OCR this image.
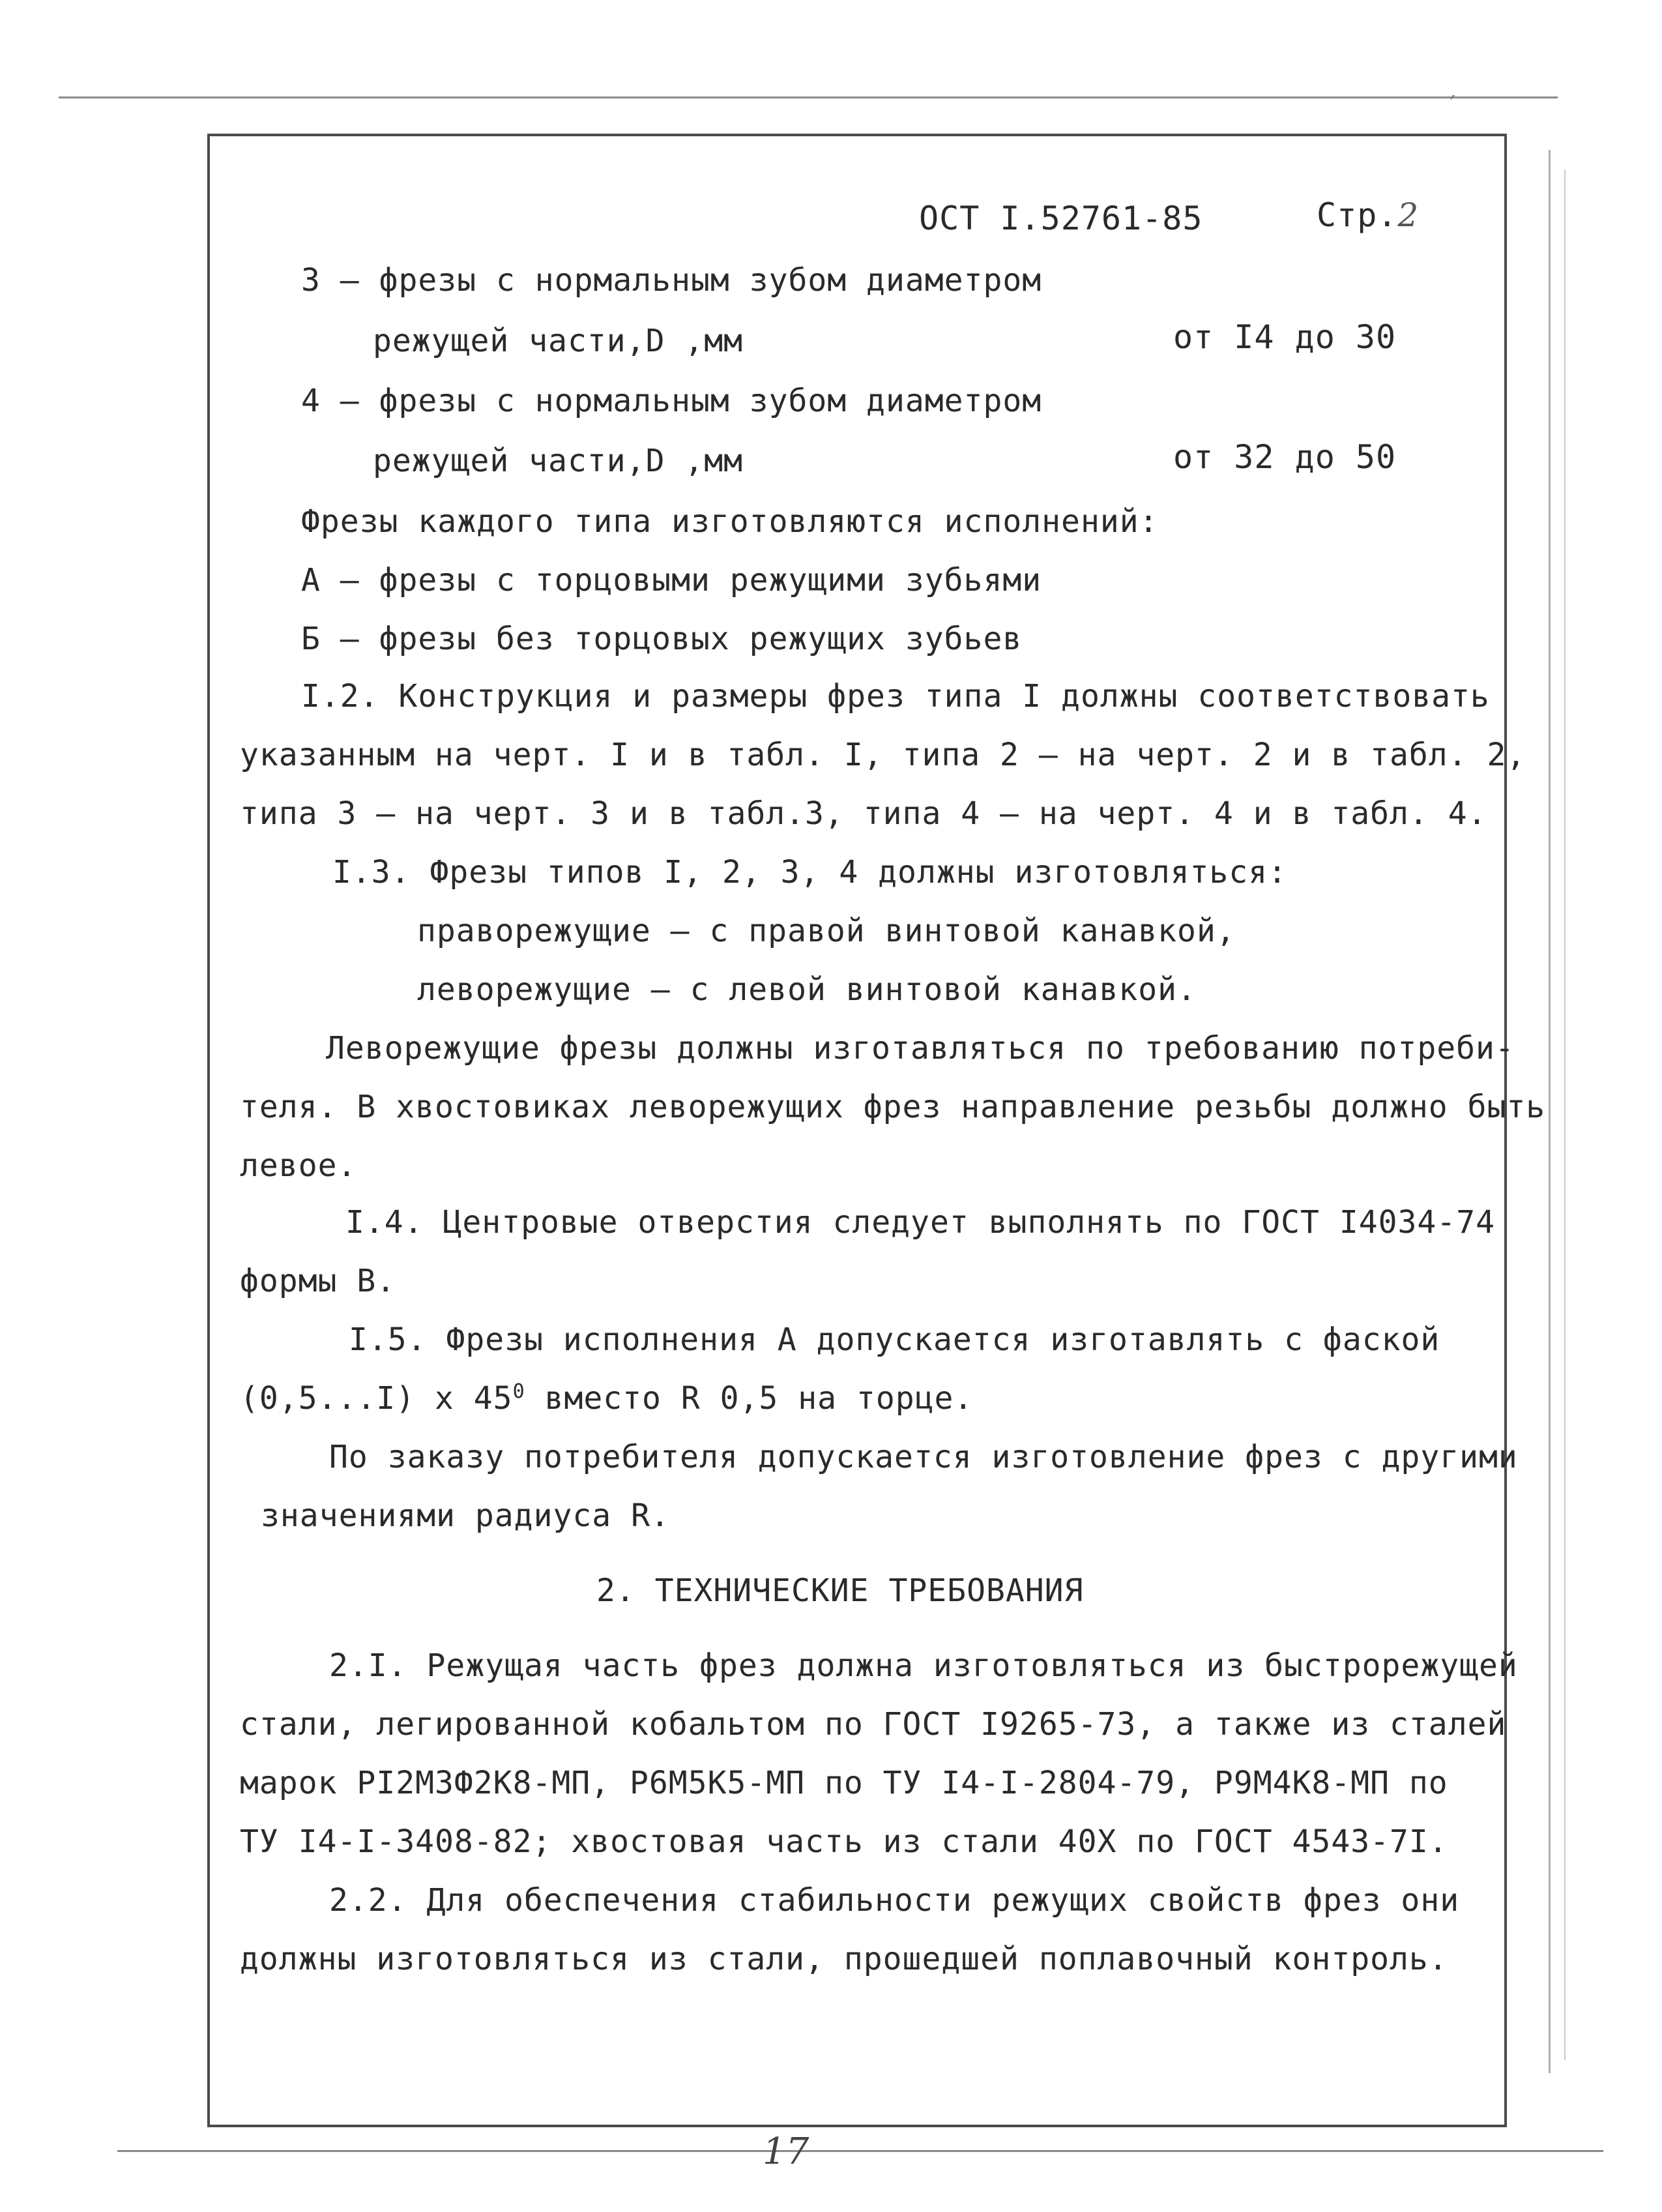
′
ОСТ I.52761-85	Стр.2
3 – фрезы с нормальным зубом диаметром
режущей части,D ,мм	от I4 до 30
4 – фрезы с нормальным зубом диаметром
режущей части,D ,мм	от 32 до 50
Фрезы каждого типа изготовляются исполнений:
А – фрезы с торцовыми режущими зубьями
Б – фрезы без торцовых режущих зубьев
I.2. Конструкция и размеры фрез типа I должны соответствовать
указанным на черт. I и в табл. I, типа 2 – на черт. 2 и в табл. 2,
типа 3 – на черт. 3 и в табл.3, типа 4 – на черт. 4 и в табл. 4.
I.3. Фрезы типов I, 2, 3, 4 должны изготовляться:
праворежущие – с правой винтовой канавкой,
леворежущие – с левой винтовой канавкой.
Леворежущие фрезы должны изготавляться по требованию потреби-
теля. В хвостовиках леворежущих фрез направление резьбы должно быть
левое.
I.4. Центровые отверстия следует выполнять по ГОСТ I4034-74
формы В.
I.5. Фрезы исполнения А допускается изготавлять с фаской
(0,5...I) x $45^0$ вместо R 0,5 на торце.
По заказу потребителя допускается изготовление фрез с другими
значениями радиуса R.
2. ТЕХНИЧЕСКИЕ ТРЕБОВАНИЯ
2.I. Режущая часть фрез должна изготовляться из быстрорежущей
стали, легированной кобальтом по ГОСТ I9265-73, а также из сталей
марок РI2М3Ф2К8-МП, Р6М5К5-МП по ТУ I4-I-2804-79, Р9М4К8-МП по
ТУ I4-I-3408-82; хвостовая часть из стали 40Х по ГОСТ 4543-7I.
2.2. Для обеспечения стабильности режущих свойств фрез они
должны изготовляться из стали, прошедшей поплавочный контроль.
17
